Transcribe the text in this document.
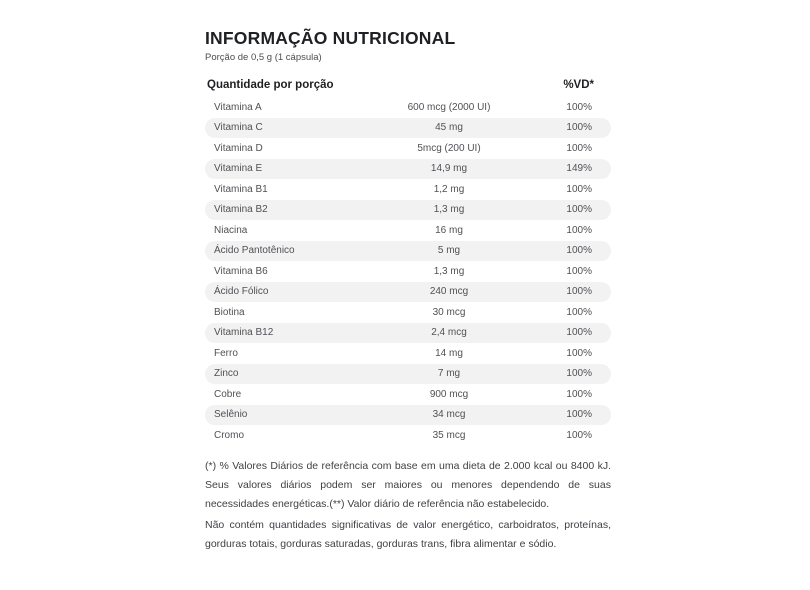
INFORMAÇÃO NUTRICIONAL
Porção de 0,5 g (1 cápsula)
Quantidade por porção	%VD*
Vitamina A	600 mcg (2000 UI)	100%
Vitamina C	45 mg	100%
Vitamina D	5mcg (200 UI)	100%
Vitamina E	14,9 mg	149%
Vitamina B1	1,2 mg	100%
Vitamina B2	1,3 mg	100%
Niacina	16 mg	100%
Ácido Pantotênico	5 mg	100%
Vitamina B6	1,3 mg	100%
Ácido Fólico	240 mcg	100%
Biotina	30 mcg	100%
Vitamina B12	2,4 mcg	100%
Ferro	14 mg	100%
Zinco	7 mg	100%
Cobre	900 mcg	100%
Selênio	34 mcg	100%
Cromo	35 mcg	100%

(*) % Valores Diários de referência com base em uma dieta de 2.000 kcal ou 8400 kJ. Seus valores diários podem ser maiores ou menores dependendo de suas necessidades energéticas.(**) Valor diário de referência não estabelecido.

Não contém quantidades significativas de valor energético, carboidratos, proteínas, gorduras totais, gorduras saturadas, gorduras trans, fibra alimentar e sódio.
